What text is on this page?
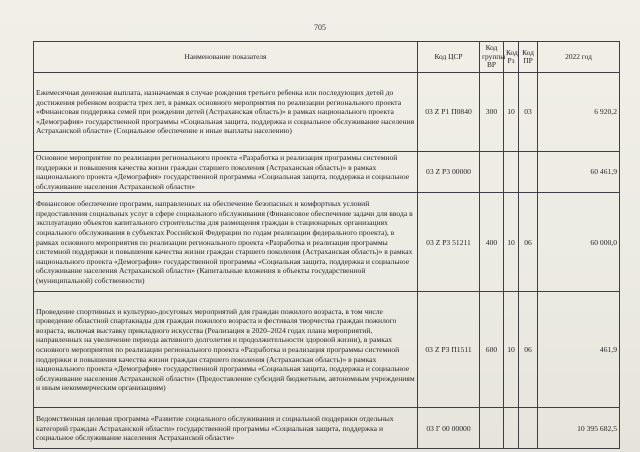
705
Наименование показателя	Код ЦСР	Код группы ВР	Код Рз	Код ПР	2022 год
Ежемесячная денежная выплата, назначаемая в случае рождения третьего ребенка или последующих детей до достижения ребенком возраста трех лет, в рамках основного мероприятия по реализации регионального проекта «Финансовая поддержка семей при рождении детей (Астраханская область)» в рамках национального проекта «Демография» государственной программы «Социальная защита, поддержка и социальное обслуживание населения Астраханской области» (Социальное обеспечение и иные выплаты населению)	03 Z P1 П0840	300	10	03	6 920,2
Основное мероприятие по реализации регионального проекта «Разработка и реализация программы системной поддержки и повышения качества жизни граждан старшего поколения (Астраханская область)» в рамках национального проекта «Демография» государственной программы «Социальная защита, поддержка и социальное обслуживание населения Астраханской области»	03 Z P3 00000				60 461,9
Финансовое обеспечение программ, направленных на обеспечение безопасных и комфортных условий предоставления социальных услуг в сфере социального обслуживания (Финансовое обеспечение задачи для ввода в эксплуатацию объектов капитального строительства для размещения граждан в стационарных организациях социального обслуживания в субъектах Российской Федерации по годам реализации федерального проекта), в рамках основного мероприятия по реализации регионального проекта «Разработка и реализация программы системной поддержки и повышения качества жизни граждан старшего поколения (Астраханская область)» в рамках национального проекта «Демография» государственной программы «Социальная защита, поддержка и социальное обслуживание населения Астраханской области» (Капитальные вложения в объекты государственной (муниципальной) собственности)	03 Z P3 51211	400	10	06	60 000,0
Проведение спортивных и культурно-досуговых мероприятий для граждан пожилого возраста, в том числе проведение областной спартакиады для граждан пожилого возраста и фестиваля творчества граждан пожилого возраста, включая выставку прикладного искусства (Реализация в 2020–2024 годах плана мероприятий, направленных на увеличение периода активного долголетия и продолжительности здоровой жизни), в рамках основного мероприятия по реализации регионального проекта «Разработка и реализация программы системной поддержки и повышения качества жизни граждан старшего поколения (Астраханская область)» в рамках национального проекта «Демография» государственной программы «Социальная защита, поддержка и социальное обслуживание населения Астраханской области» (Предоставление субсидий бюджетным, автономным учреждениям и иным некоммерческим организациям)	03 Z P3 П1511	600	10	06	461,9
Ведомственная целевая программа «Развитие социального обслуживания и социальной поддержки отдельных категорий граждан Астраханской области» государственной программы «Социальная защита, поддержка и социальное обслуживание населения Астраханской области»	03 Г 00 00000				10 395 682,5
